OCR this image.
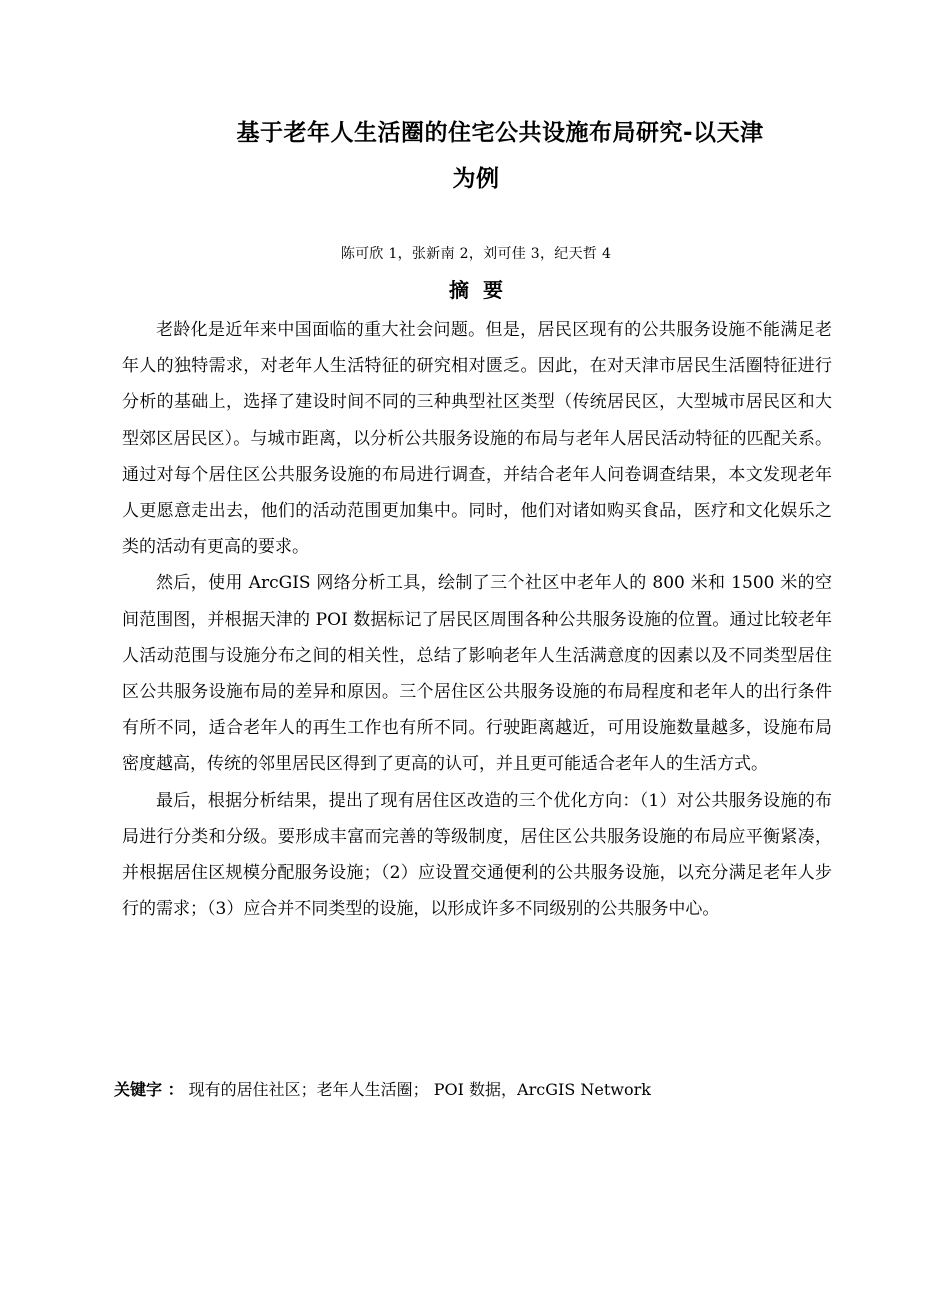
基于老年人生活圈的住宅公共设施布局研究-以天津
为例
陈可欣 1，张新南 2，刘可佳 3，纪天哲 4
摘要

老龄化是近年来中国面临的重大社会问题。但是，居民区现有的公共服务设施不能满足老年人的独特需求，对老年人生活特征的研究相对匮乏。因此，在对天津市居民生活圈特征进行分析的基础上，选择了建设时间不同的三种典型社区类型（传统居民区，大型城市居民区和大型郊区居民区）。与城市距离，以分析公共服务设施的布局与老年人居民活动特征的匹配关系。通过对每个居住区公共服务设施的布局进行调查，并结合老年人问卷调查结果，本文发现老年人更愿意走出去，他们的活动范围更加集中。同时，他们对诸如购买食品，医疗和文化娱乐之类的活动有更高的要求。

然后，使用 ArcGIS 网络分析工具，绘制了三个社区中老年人的 800 米和 1500 米的空间范围图，并根据天津的 POI 数据标记了居民区周围各种公共服务设施的位置。通过比较老年人活动范围与设施分布之间的相关性，总结了影响老年人生活满意度的因素以及不同类型居住区公共服务设施布局的差异和原因。三个居住区公共服务设施的布局程度和老年人的出行条件有所不同，适合老年人的再生工作也有所不同。行驶距离越近，可用设施数量越多，设施布局密度越高，传统的邻里居民区得到了更高的认可，并且更可能适合老年人的生活方式。

最后，根据分析结果，提出了现有居住区改造的三个优化方向：（1）对公共服务设施的布局进行分类和分级。要形成丰富而完善的等级制度，居住区公共服务设施的布局应平衡紧凑，并根据居住区规模分配服务设施；（2）应设置交通便利的公共服务设施，以充分满足老年人步行的需求；（3）应合并不同类型的设施，以形成许多不同级别的公共服务中心。

关键字 ： 现有的居住社区；老年人生活圈； POI 数据，ArcGIS Network
